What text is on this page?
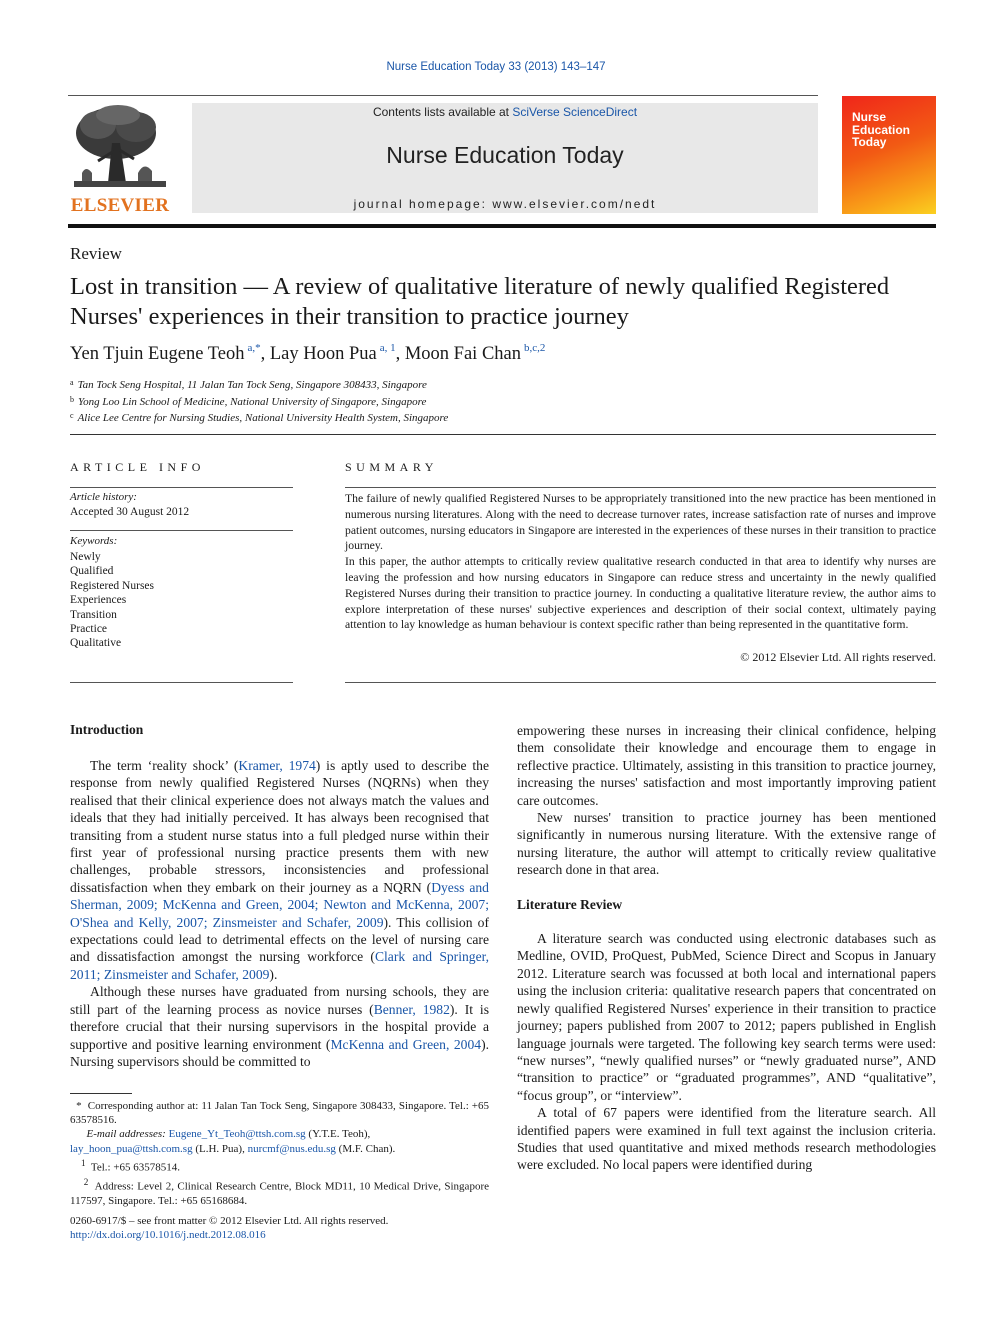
Nurse Education Today 33 (2013) 143–147
ELSEVIER
Contents lists available at SciVerse ScienceDirect
Nurse Education Today
journal homepage: www.elsevier.com/nedt
Nurse Education Today
Review
Lost in transition — A review of qualitative literature of newly qualified Registered Nurses' experiences in their transition to practice journey
Yen Tjuin Eugene Teoh $^{a,*}$, Lay Hoon Pua $^{a, 1}$, Moon Fai Chan $^{b,c,2}$
$^a$ Tan Tock Seng Hospital, 11 Jalan Tan Tock Seng, Singapore 308433, Singapore
$^b$ Yong Loo Lin School of Medicine, National University of Singapore, Singapore
$^c$ Alice Lee Centre for Nursing Studies, National University Health System, Singapore
ARTICLE INFO	SUMMARY
Article history:
Accepted 30 August 2012
Keywords:
Newly
Qualified
Registered Nurses
Experiences
Transition
Practice
Qualitative

The failure of newly qualified Registered Nurses to be appropriately transitioned into the new practice has been mentioned in numerous nursing literatures. Along with the need to decrease turnover rates, increase satisfaction rate of nurses and improve patient outcomes, nursing educators in Singapore are interested in the experiences of these nurses in their transition to practice journey.

In this paper, the author attempts to critically review qualitative research conducted in that area to identify why nurses are leaving the profession and how nursing educators in Singapore can reduce stress and uncertainty in the newly qualified Registered Nurses during their transition to practice journey. In conducting a qualitative literature review, the author aims to explore interpretation of these nurses' subjective experiences and description of their social context, ultimately paying attention to lay knowledge as human behaviour is context specific rather than being represented in the quantitative form.

© 2012 Elsevier Ltd. All rights reserved.
Introduction

The term ‘reality shock’ (Kramer, 1974) is aptly used to describe the response from newly qualified Registered Nurses (NQRNs) when they realised that their clinical experience does not always match the values and ideals that they had initially perceived. It has always been recognised that transiting from a student nurse status into a full pledged nurse within their first year of professional nursing practice presents them with new challenges, probable stressors, inconsistencies and professional dissatisfaction when they embark on their journey as a NQRN (Dyess and Sherman, 2009; McKenna and Green, 2004; Newton and McKenna, 2007; O'Shea and Kelly, 2007; Zinsmeister and Schafer, 2009). This collision of expectations could lead to detrimental effects on the level of nursing care and dissatisfaction amongst the nursing workforce (Clark and Springer, 2011; Zinsmeister and Schafer, 2009).

Although these nurses have graduated from nursing schools, they are still part of the learning process as novice nurses (Benner, 1982). It is therefore crucial that their nursing supervisors in the hospital provide a supportive and positive learning environment (McKenna and Green, 2004). Nursing supervisors should be committed to

empowering these nurses in increasing their clinical confidence, helping them consolidate their knowledge and encourage them to engage in reflective practice. Ultimately, assisting in this transition to practice journey, increasing the nurses' satisfaction and most importantly improving patient care outcomes.

New nurses' transition to practice journey has been mentioned significantly in numerous nursing literature. With the extensive range of nursing literature, the author will attempt to critically review qualitative research done in that area.

Literature Review

A literature search was conducted using electronic databases such as Medline, OVID, ProQuest, PubMed, Science Direct and Scopus in January 2012. Literature search was focussed at both local and international papers using the inclusion criteria: qualitative research papers that concentrated on newly qualified Registered Nurses' experience in their transition to practice journey; papers published from 2007 to 2012; papers published in English language journals were targeted. The following key search terms were used: “new nurses”, “newly qualified nurses” or “newly graduated nurse”, AND “transition to practice” or “graduated programmes”, AND “qualitative”, “focus group”, or “interview”.

A total of 67 papers were identified from the literature search. All identified papers were examined in full text against the inclusion criteria. Studies that used quantitative and mixed methods research methodologies were excluded. No local papers were identified during

* Corresponding author at: 11 Jalan Tan Tock Seng, Singapore 308433, Singapore. Tel.: +65 63578516.

E-mail addresses: Eugene_Yt_Teoh@ttsh.com.sg (Y.T.E. Teoh),
lay_hoon_pua@ttsh.com.sg (L.H. Pua), nurcmf@nus.edu.sg (M.F. Chan).

$^1$ Tel.: +65 63578514.

$^2$ Address: Level 2, Clinical Research Centre, Block MD11, 10 Medical Drive, Singapore 117597, Singapore. Tel.: +65 65168684.

0260-6917/$ – see front matter © 2012 Elsevier Ltd. All rights reserved.
http://dx.doi.org/10.1016/j.nedt.2012.08.016
